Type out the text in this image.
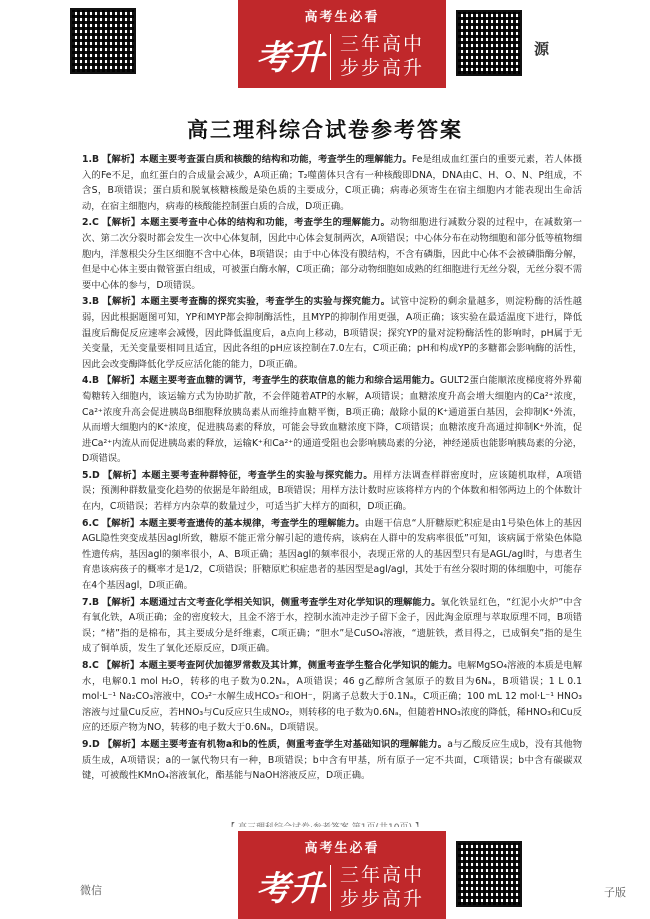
高考生必看
考升 三年高中
步步高升
源
高三理科综合试卷参考答案
1.B 【解析】本题主要考查蛋白质和核酸的结构和功能，考查学生的理解能力。Fe是组成血红蛋白的重要元素，若人体摄入的Fe不足，血红蛋白的合成量会减少，A项正确；T₂噬菌体只含有一种核酸即DNA，DNA由C、H、O、N、P组成，不含S，B项错误；蛋白质和脱氧核糖核酸是染色质的主要成分，C项正确；病毒必须寄生在宿主细胞内才能表现出生命活动，在宿主细胞内，病毒的核酸能控制蛋白质的合成，D项正确。
2.C 【解析】本题主要考查中心体的结构和功能，考查学生的理解能力。动物细胞进行减数分裂的过程中，在减数第一次、第二次分裂时都会发生一次中心体复制，因此中心体会复制两次，A项错误；中心体分布在动物细胞和部分低等植物细胞内，洋葱根尖分生区细胞不含中心体，B项错误；由于中心体没有膜结构，不含有磷脂，因此中心体不会被磷脂酶分解，但是中心体主要由微管蛋白组成，可被蛋白酶水解，C项正确；部分动物细胞如成熟的红细胞进行无丝分裂，无丝分裂不需要中心体的参与，D项错误。
3.B 【解析】本题主要考查酶的探究实验，考查学生的实验与探究能力。试管中淀粉的剩余量越多，则淀粉酶的活性越弱，因此根据题图可知，YP和MYP都会抑制酶活性，且MYP的抑制作用更强，A项正确；该实验在最适温度下进行，降低温度后酶促反应速率会减慢，因此降低温度后，a点向上移动，B项错误；探究YP的量对淀粉酶活性的影响时，pH属于无关变量，无关变量要相同且适宜，因此各组的pH应该控制在7.0左右，C项正确；pH和构成YP的多糖都会影响酶的活性，因此会改变酶降低化学反应活化能的能力，D项正确。
4.B 【解析】本题主要考查血糖的调节，考查学生的获取信息的能力和综合运用能力。GULT2蛋白能顺浓度梯度将外界葡萄糖转入细胞内，该运输方式为协助扩散，不会伴随着ATP的水解，A项错误；血糖浓度升高会增大细胞内的Ca²⁺浓度，Ca²⁺浓度升高会促进胰岛B细胞释放胰岛素从而维持血糖平衡，B项正确；敲除小鼠的K⁺通道蛋白基因，会抑制K⁺外流，从而增大细胞内的K⁺浓度，促进胰岛素的释放，可能会导致血糖浓度下降，C项错误；血糖浓度升高通过抑制K⁺外流，促进Ca²⁺内流从而促进胰岛素的释放，运输K⁺和Ca²⁺的通道受阻也会影响胰岛素的分泌，神经递质也能影响胰岛素的分泌，D项错误。
5.D 【解析】本题主要考查种群特征，考查学生的实验与探究能力。用样方法调查样群密度时，应该随机取样，A项错误；预测种群数量变化趋势的依据是年龄组成，B项错误；用样方法计数时应该将样方内的个体数和相邻两边上的个体数计在内，C项错误；若样方内杂草的数量过少，可适当扩大样方的面积，D项正确。
6.C 【解析】本题主要考查遗传的基本规律，考查学生的理解能力。由题干信息“人肝糖原贮积症是由1号染色体上的基因AGL隐性突变成基因agl所致，糖原不能正常分解引起的遗传病，该病在人群中的发病率很低”可知，该病属于常染色体隐性遗传病，基因agl的频率很小，A、B项正确；基因agl的频率很小，表现正常的人的基因型只有是AGL/agl时，与患者生育患该病孩子的概率才是1/2，C项错误；肝糖原贮积症患者的基因型是agl/agl，其处于有丝分裂时期的体细胞中，可能存在4个基因agl，D项正确。
7.B 【解析】本题通过古文考查化学相关知识，侧重考查学生对化学知识的理解能力。氧化铁显红色，“红泥小火炉”中含有氧化铁，A项正确；金的密度较大，且金不溶于水，控制水流冲走沙子留下金子，因此淘金原理与萃取原理不同，B项错误；“楮”指的是棉布，其主要成分是纤维素，C项正确；“胆水”是CuSO₄溶液，“遗脏铁，煮目得之，已成铜矣”指的是生成了铜单质，发生了氧化还原反应，D项正确。
8.C 【解析】本题主要考查阿伏加德罗常数及其计算，侧重考查学生整合化学知识的能力。电解MgSO₄溶液的本质是电解水，电解0.1 mol H₂O，转移的电子数为0.2Nₐ，A项错误；46 g乙醇所含氢原子的数目为6Nₐ，B项错误；1 L 0.1 mol·L⁻¹ Na₂CO₃溶液中，CO₃²⁻水解生成HCO₃⁻和OH⁻，阴离子总数大于0.1Nₐ，C项正确；100 mL 12 mol·L⁻¹ HNO₃溶液与过量Cu反应，若HNO₃与Cu反应只生成NO₂，则转移的电子数为0.6Nₐ，但随着HNO₃浓度的降低，稀HNO₃和Cu反应的还原产物为NO，转移的电子数大于0.6Nₐ，D项错误。
9.D 【解析】本题主要考查有机物a和b的性质，侧重考查学生对基础知识的理解能力。a与乙酸反应生成b，没有其他物质生成，A项错误；a的一氯代物只有一种，B项错误；b中含有甲基，所有原子一定不共面，C项错误；b中含有碳碳双键，可被酸性KMnO₄溶液氧化，酯基能与NaOH溶液反应，D项正确。
高考生必看
考升 三年高中
步步高升
微信	子版
